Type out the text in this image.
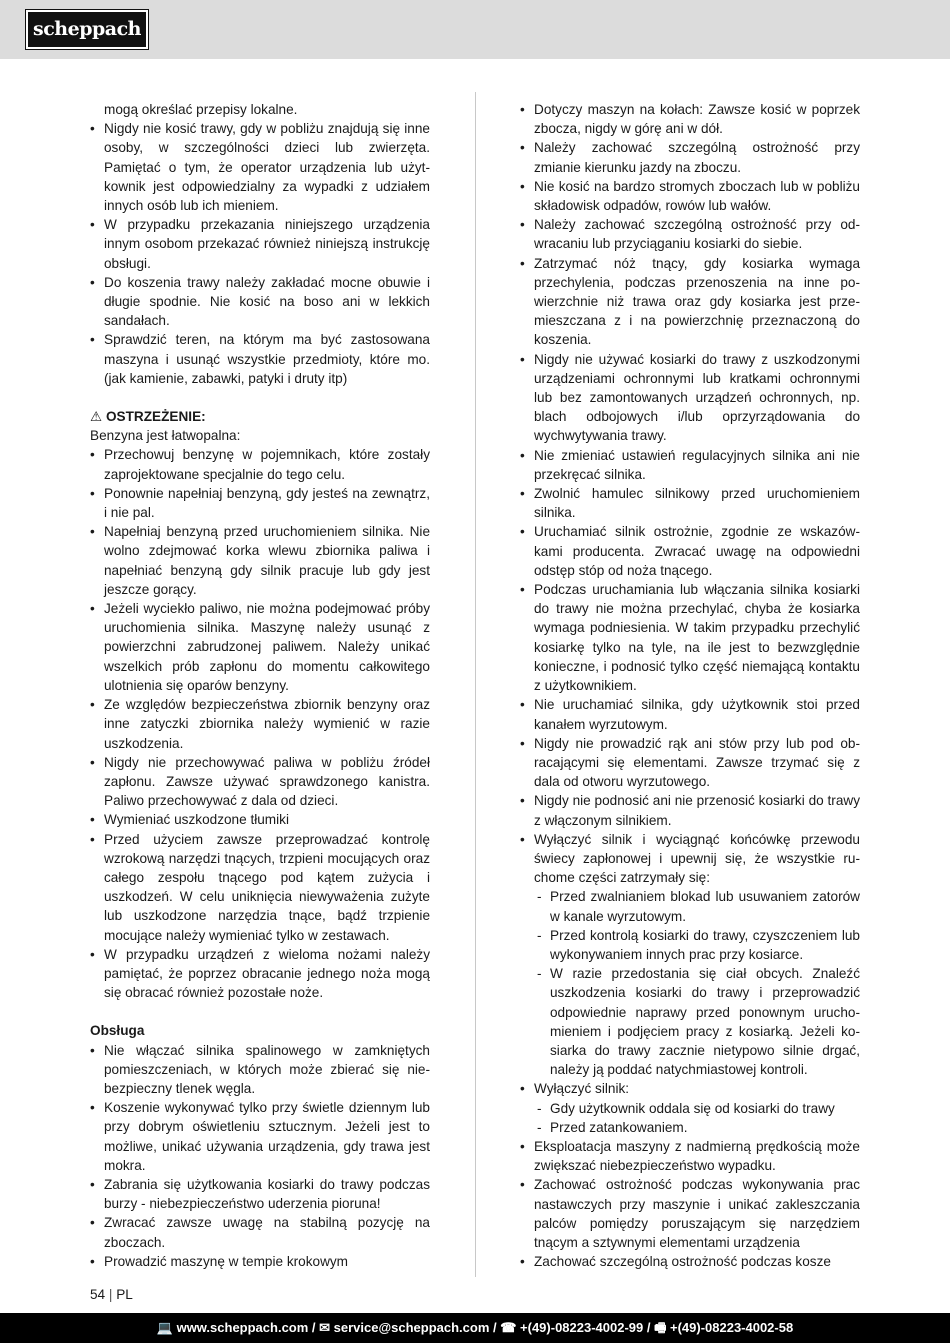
scheppach

mogą określać przepisy lokalne.

• Nigdy nie kosić trawy, gdy w pobliżu znajdują się inne osoby, w szczególności dzieci lub zwierzęta. Pamiętać o tym, że operator urządzenia lub użytkownik jest odpowiedzialny za wypadki z udziałem innych osób lub ich mieniem.

• W przypadku przekazania niniejszego urządzenia innym osobom przekazać również niniejszą instrukcję obsługi.

• Do koszenia trawy należy zakładać mocne obuwie i długie spodnie. Nie kosić na boso ani w lekkich sandałach.

• Sprawdzić teren, na którym ma być zastosowana maszyna i usunąć wszystkie przedmioty, które mo. (jak kamienie, zabawki, patyki i druty itp)

⚠ OSTRZEŻENIE:

Benzyna jest łatwopalna:

• Przechowuj benzynę w pojemnikach, które zostały zaprojektowane specjalnie do tego celu.

• Ponownie napełniaj benzyną, gdy jesteś na zewnątrz, i nie pal.

• Napełniaj benzyną przed uruchomieniem silnika. Nie wolno zdejmować korka wlewu zbiornika paliwa i napełniać benzyną gdy silnik pracuje lub gdy jest jeszcze gorący.

• Jeżeli wyciekło paliwo, nie można podejmować próby uruchomienia silnika. Maszynę należy usunąć z powierzchni zabrudzonej paliwem. Należy unikać wszelkich prób zapłonu do momentu całkowitego ulotnienia się oparów benzyny.

• Ze względów bezpieczeństwa zbiornik benzyny oraz inne zatyczki zbiornika należy wymienić w razie uszkodzenia.

• Nigdy nie przechowywać paliwa w pobliżu źródeł zapłonu. Zawsze używać sprawdzonego kanistra. Paliwo przechowywać z dala od dzieci.

• Wymieniać uszkodzone tłumiki

• Przed użyciem zawsze przeprowadzać kontrolę wzrokową narzędzi tnących, trzpieni mocujących oraz całego zespołu tnącego pod kątem zużycia i uszkodzeń. W celu uniknięcia niewyważenia zużyte lub uszkodzone narzędzia tnące, bądź trzpienie mocujące należy wymieniać tylko w zestawach.

• W przypadku urządzeń z wieloma nożami należy pamiętać, że poprzez obracanie jednego noża mogą się obracać również pozostałe noże.

Obsługa

• Nie włączać silnika spalinowego w zamkniętych pomieszczeniach, w których może zbierać się niebezpieczny tlenek węgla.

• Koszenie wykonywać tylko przy świetle dziennym lub przy dobrym oświetleniu sztucznym. Jeżeli jest to możliwe, unikać używania urządzenia, gdy trawa jest mokra.

• Zabrania się użytkowania kosiarki do trawy podczas burzy - niebezpieczeństwo uderzenia pioruna!

• Zwracać zawsze uwagę na stabilną pozycję na zboczach.

• Prowadzić maszynę w tempie krokowym

• Dotyczy maszyn na kołach: Zawsze kosić w poprzek zbocza, nigdy w górę ani w dół.

• Należy zachować szczególną ostrożność przy zmianie kierunku jazdy na zboczu.

• Nie kosić na bardzo stromych zboczach lub w pobliżu składowisk odpadów, rowów lub wałów.

• Należy zachować szczególną ostrożność przy odwracaniu lub przyciąganiu kosiarki do siebie.

• Zatrzymać nóż tnący, gdy kosiarka wymaga przechylenia, podczas przenoszenia na inne powierzchnie niż trawa oraz gdy kosiarka jest przemieszczana z i na powierzchnię przeznaczoną do koszenia.

• Nigdy nie używać kosiarki do trawy z uszkodzonymi urządzeniami ochronnymi lub kratkami ochronnymi lub bez zamontowanych urządzeń ochronnych, np. blach odbojowych i/lub oprzyrządowania do wychwytywania trawy.

• Nie zmieniać ustawień regulacyjnych silnika ani nie przekręcać silnika.

• Zwolnić hamulec silnikowy przed uruchomieniem silnika.

• Uruchamiać silnik ostrożnie, zgodnie ze wskazówkami producenta. Zwracać uwagę na odpowiedni odstęp stóp od noża tnącego.

• Podczas uruchamiania lub włączania silnika kosiarki do trawy nie można przechylać, chyba że kosiarka wymaga podniesienia. W takim przypadku przechylić kosiarkę tylko na tyle, na ile jest to bezwzględnie konieczne, i podnosić tylko część niemającą kontaktu z użytkownikiem.

• Nie uruchamiać silnika, gdy użytkownik stoi przed kanałem wyrzutowym.

• Nigdy nie prowadzić rąk ani stów przy lub pod obracającymi się elementami. Zawsze trzymać się z dala od otworu wyrzutowego.

• Nigdy nie podnosić ani nie przenosić kosiarki do trawy z włączonym silnikiem.

• Wyłączyć silnik i wyciągnąć końcówkę przewodu świecy zapłonowej i upewnij się, że wszystkie ruchome części zatrzymały się:

- Przed zwalnianiem blokad lub usuwaniem zatorów w kanale wyrzutowym.

- Przed kontrolą kosiarki do trawy, czyszczeniem lub wykonywaniem innych prac przy kosiarce.

- W razie przedostania się ciał obcych. Znaleźć uszkodzenia kosiarki do trawy i przeprowadzić odpowiednie naprawy przed ponownym uruchomieniem i podjęciem pracy z kosiarką. Jeżeli kosiarka do trawy zacznie nietypowo silnie drgać, należy ją poddać natychmiastowej kontroli.

• Wyłączyć silnik:

- Gdy użytkownik oddala się od kosiarki do trawy

- Przed zatankowaniem.

• Eksploatacja maszyny z nadmierną prędkością może zwiększać niebezpieczeństwo wypadku.

• Zachować ostrożność podczas wykonywania prac nastawczych przy maszynie i unikać zakleszczania palców pomiędzy poruszającym się narzędziem tnącym a sztywnymi elementami urządzenia

• Zachować szczególną ostrożność podczas kosze

54 | PL
💻 www.scheppach.com / ✉ service@scheppach.com / ☎ +(49)-08223-4002-99 / 🖷 +(49)-08223-4002-58
